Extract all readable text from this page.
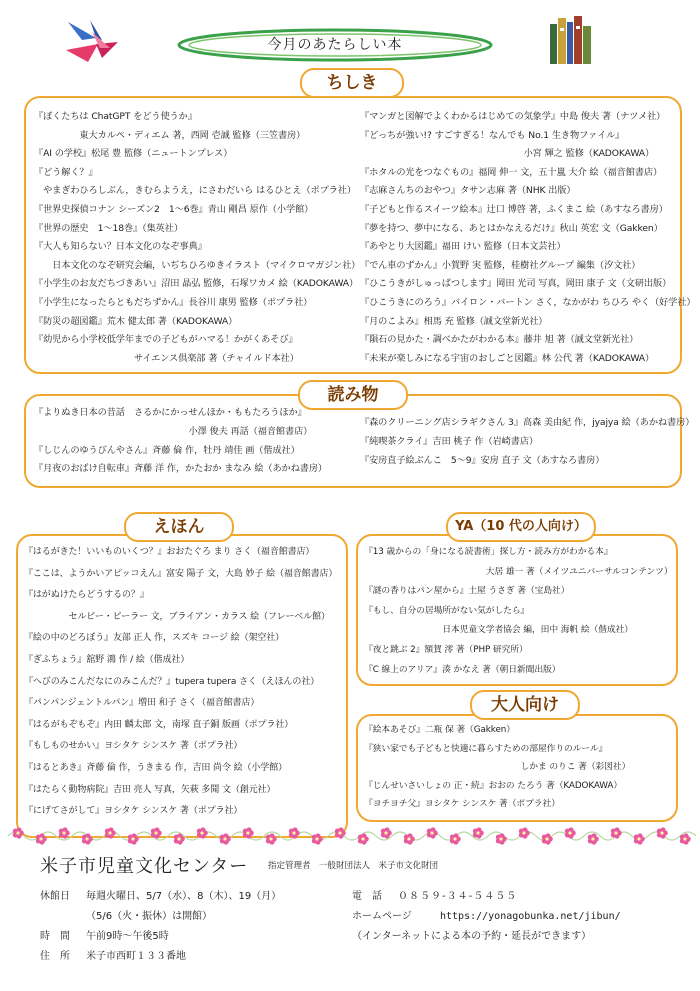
今月のあたらしい本
ちしき
『ぼくたちは ChatGPT をどう使うか』
　　　　　東大カルペ・ディエム 著，西岡 壱誠 監修（三笠書房）
『AI の学校』松尾 豊 監修（ニュートンプレス）
『どう解く？』
　やまぎわひろしぶん，きむらようえ，にさわだいら はるひとえ（ポプラ社）
『世界史探偵コナン シーズン2　1〜6巻』青山 剛昌 原作（小学館）
『世界の歴史　1〜18巻』（集英社）
『大人も知らない？日本文化のなぞ事典』
　　日本文化のなぞ研究会編，いぢちひろゆきイラスト（マイクロマガジン社）
『小学生のお友だちづきあい』沼田 晶弘 監修，石塚ワカメ 絵（KADOKAWA）
『小学生になったらともだちずかん』長谷川 康男 監修（ポプラ社）
『防災の超図鑑』荒木 健太郎 著（KADOKAWA）
『幼児から小学校低学年までの子どもがハマる！かがくあそび』
　　　　　　　　　　　サイエンス倶楽部 著（チャイルド本社）
『マンガと図解でよくわかるはじめての気象学』中島 俊夫 著（ナツメ社）
『どっちが強い!? すごすぎる！なんでも No.1 生き物ファイル』
　　　　　　　　　　　　　　　　　　小宮 輝之 監修（KADOKAWA）
『ホタルの光をつなぐもの』福岡 伸一 文，五十嵐 大介 絵（福音館書店）
『志麻さんちのおやつ』タサン志麻 著（NHK 出版）
『子どもと作るスイーツ絵本』辻口 博啓 著，ふくまこ 絵（あすなろ書房）
『夢を持つ、夢中になる、あとはかなえるだけ』秋山 英宏 文（Gakken）
『あやとり大図鑑』福田 けい 監修（日本文芸社）
『でん車のずかん』小賀野 実 監修，桂樹社グループ 編集（汐文社）
『ひこうきがしゅっぱつします』岡田 光司 写真，岡田 康子 文（文研出版）
『ひこうきにのろう』バイロン・バートン さく，なかがわ ちひろ やく（好学社）
『月のこよみ』相馬 充 監修（誠文堂新光社）
『隕石の見かた・調べかたがわかる本』藤井 旭 著（誠文堂新光社）
『未来が楽しみになる宇宙のおしごと図鑑』林 公代 著（KADOKAWA）
読み物
『よりぬき日本の昔話　さるかにかっせんほか・ももたろうほか』
　　　　　　　　　　　　　　　　　小澤 俊夫 再話（福音館書店）
『しじんのゆうびんやさん』斉藤 倫 作，牡丹 靖佳 画（偕成社）
『月夜のおばけ自転車』斉藤 洋 作，かたおか まなみ 絵（あかね書房）
『森のクリーニング店シラギクさん 3』高森 美由紀 作，jyajya 絵（あかね書房）
『純喫茶クライ』吉田 桃子 作（岩崎書店）
『安房直子絵ぶんこ　5〜9』安房 直子 文（あすなろ書房）
えほん
『はるがきた！いいものいくつ？』おおたぐろ まり さく（福音館書店）
『ここは、ようかいアピッコえん』富安 陽子 文，大島 妙子 絵（福音館書店）
『はがぬけたらどうするの？』
　　　　　セルビー・ビーラー 文，ブライアン・カラス 絵（フレーベル館）
『絵の中のどろぼう』友部 正人 作，スズキ コージ 絵（架空社）
『ぎふちょう』舘野 鴻 作 / 絵（偕成社）
『へびのみこんだなにのみこんだ？』tupera tupera さく（えほんの社）
『パンパンジェントルパン』増田 和子 さく（福音館書店）
『はるがもぞもぞ』内田 麟太郎 文，南塚 直子銅 版画（ポプラ社）
『もしものせかい』ヨシタケ シンスケ 著（ポプラ社）
『はるとあき』斉藤 倫 作，うきまる 作，吉田 尚令 絵（小学館）
『はたらく動物病院』吉田 亮人 写真，矢萩 多聞 文（創元社）
『にげてさがして』ヨシタケ シンスケ 著（ポプラ社）
YA（10 代の人向け）
『13 歳からの「身になる読書術」探し方・読み方がわかる本』
　　　　　　　　　　　　　　大居 雄一 著（メイツユニバーサルコンテンツ）
『謎の香りはパン屋から』土屋 うさぎ 著（宝島社）
『もし、自分の居場所がない気がしたら』
　　　　　　　　　日本児童文学者協会 編，田中 海帆 絵（偕成社）
『夜と跳ぶ 2』額賀 澪 著（PHP 研究所）
『C 線上のアリア』湊 かなえ 著（朝日新聞出版）
大人向け
『絵本あそび』二瓶 保 著（Gakken）
『狭い家でも子どもと快適に暮らすための部屋作りのルール』
　　　　　　　　　　　　　　　　　　しかま のりこ 著（彩図社）
『じんせいさいしょの 正・続』おおの たろう 著（KADOKAWA）
『ヨチヨチ父』ヨシタケ シンスケ 著（ポプラ社）
米子市児童文化センター 指定管理者　一般財団法人　米子市文化財団
休館日 毎週火曜日、5/7（水）、8（木）、19（月）
（5/6（火・振休）は開館）
時　間 午前9時〜午後5時
住　所 米子市西町１３３番地
電　話 ０８５９‐３４‐５４５５
ホームページ	https://yonagobunka.net/jibun/
（インターネットによる本の予約・延長ができます）
